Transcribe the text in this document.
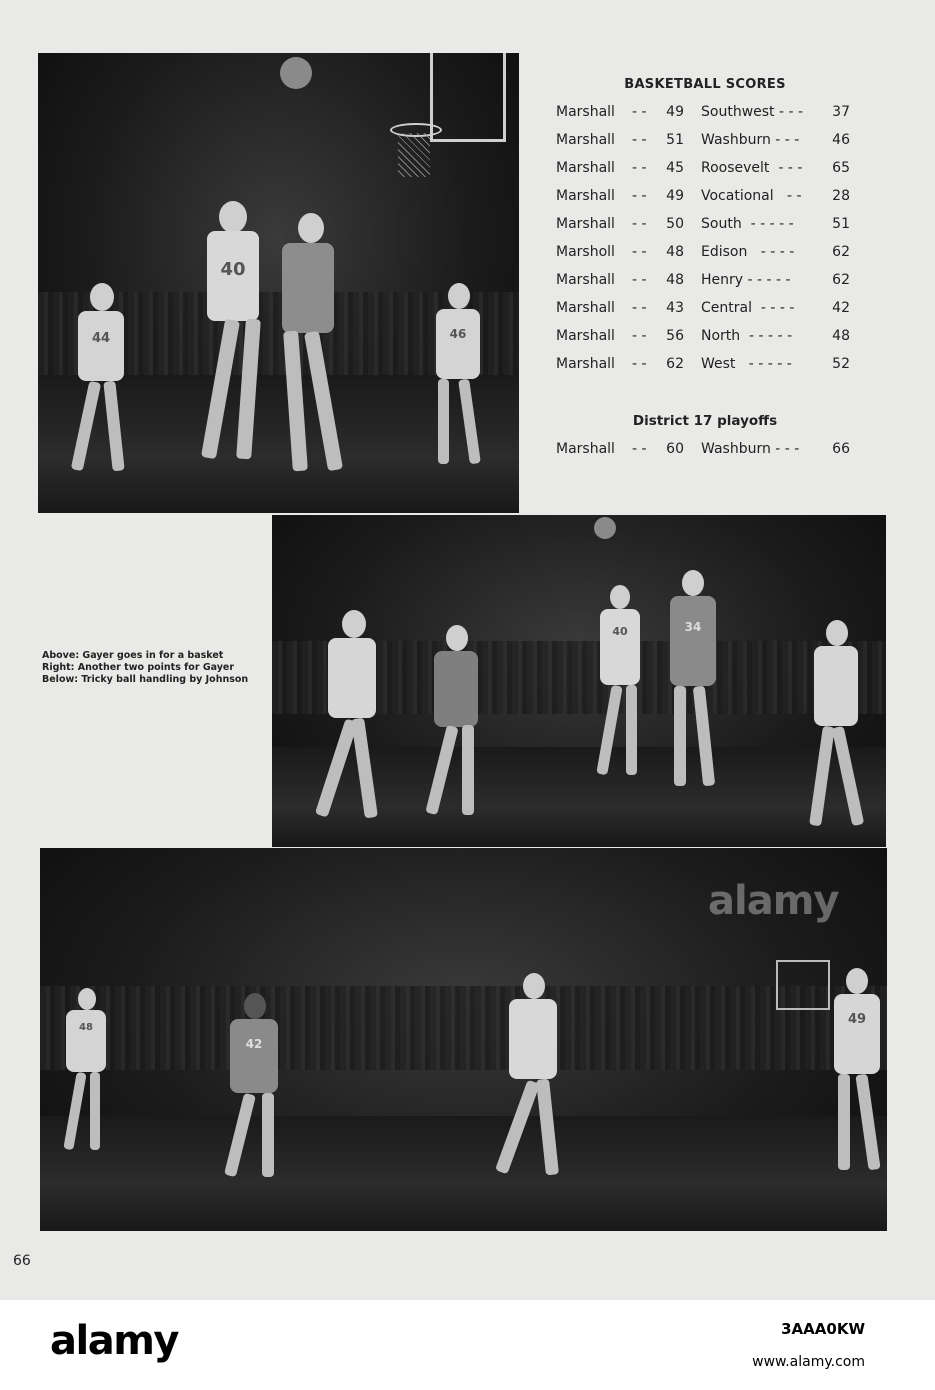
44
40
46
BASKETBALL SCORES
Marshall - -	49 Southwest - - -	37
Marshall - -	51 Washburn - - -	46
Marshall - -	45 Roosevelt  - - -	65
Marshall - -	49 Vocational   - -	28
Marshall - -	50 South  - - - - -	51
Marsholl - -	48 Edison   - - - -	62
Marshall - -	48 Henry - - - - -	62
Marshall - -	43 Central  - - - -	42
Marshall - -	56 North  - - - - -	48
Marshall - -	62 West   - - - - -	52
District 17 playoffs
Marshall - -	60 Washburn - - -	66
Above: Gayer goes in for a basket
Right: Another two points for Gayer
Below: Tricky ball handling by Johnson
40	34
48
42
49
alamy
66
alamy	3AAA0KW
www.alamy.com
